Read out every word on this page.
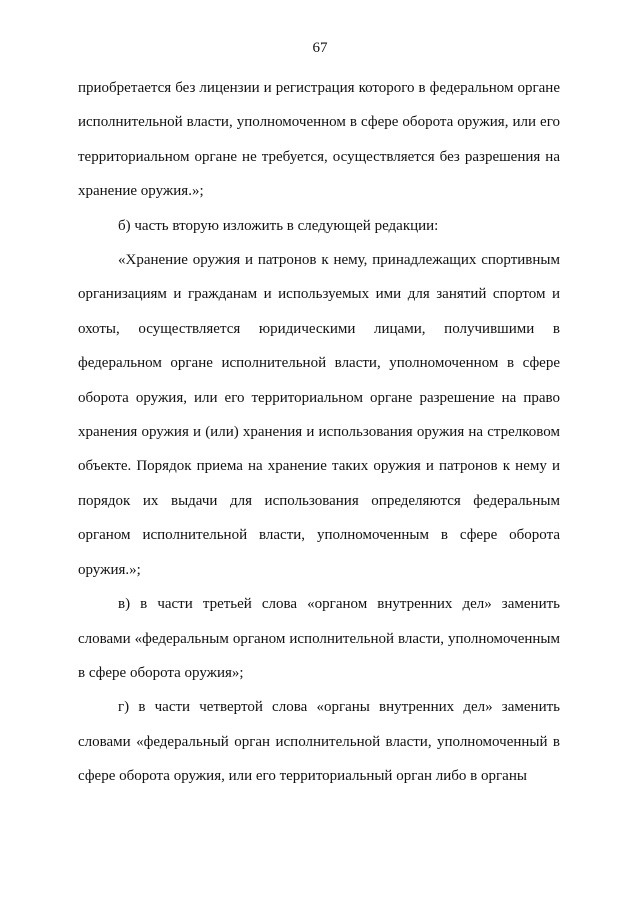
67

приобретается без лицензии и регистрация которого в федеральном органе исполнительной власти, уполномоченном в сфере оборота оружия, или его территориальном органе не требуется, осуществляется без разрешения на хранение оружия.»;

б) часть вторую изложить в следующей редакции:

«Хранение оружия и патронов к нему, принадлежащих спортивным организациям и гражданам и используемых ими для занятий спортом и охоты, осуществляется юридическими лицами, получившими в федеральном органе исполнительной власти, уполномоченном в сфере оборота оружия, или его территориальном органе разрешение на право хранения оружия и (или) хранения и использования оружия на стрелковом объекте. Порядок приема на хранение таких оружия и патронов к нему и порядок их выдачи для использования определяются федеральным органом исполнительной власти, уполномоченным в сфере оборота оружия.»;

в) в части третьей слова «органом внутренних дел» заменить словами «федеральным органом исполнительной власти, уполномоченным в сфере оборота оружия»;

г) в части четвертой слова «органы внутренних дел» заменить словами «федеральный орган исполнительной власти, уполномоченный в сфере оборота оружия, или его территориальный орган либо в органы
